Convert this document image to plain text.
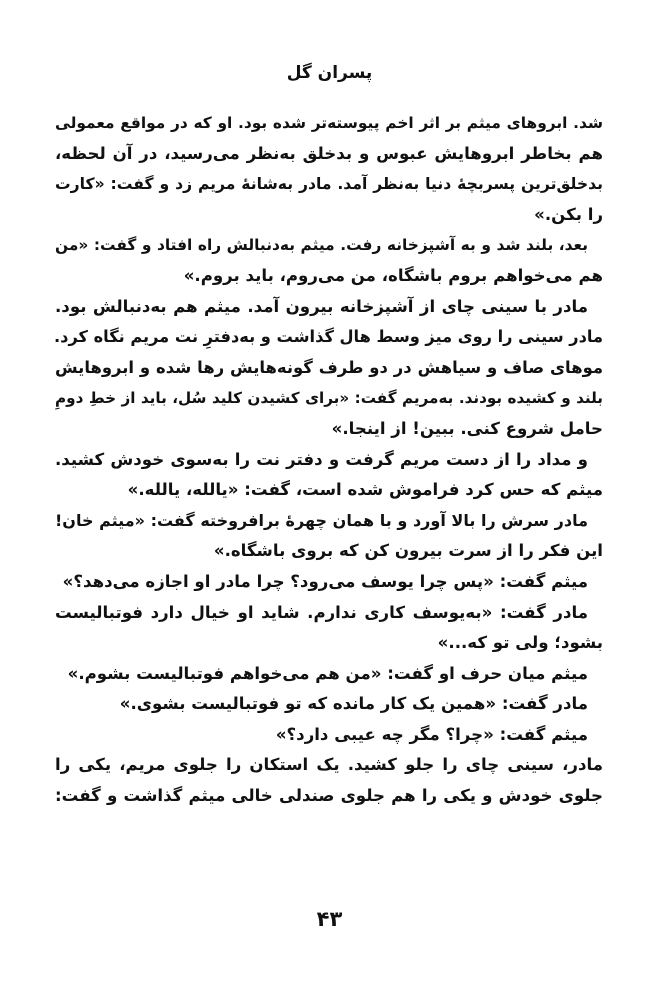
پسران گل
شد. ابروهای میثم بر اثر اخم پیوسته‌تر شده بود. او که در مواقع معمولی
هم بخاطر ابروهایش عبوس و بدخلق به‌نظر می‌رسید، در آن لحظه،
بدخلق‌ترین پسربچهٔ دنیا به‌نظر آمد. مادر به‌شانهٔ مریم زد و گفت: «کارت
را بکن.»
بعد، بلند شد و به آشپزخانه رفت. میثم به‌دنبالش راه افتاد و گفت: «من
هم می‌خواهم بروم باشگاه، من می‌روم، باید بروم.»
مادر با سینی چای از آشپزخانه بیرون آمد. میثم هم به‌دنبالش بود.
مادر سینی را روی میز وسط هال گذاشت و به‌دفترِ نت مریم نگاه کرد.
موهای صاف و سیاهش در دو طرف گونه‌هایش رها شده و ابروهایش
بلند و کشیده بودند. به‌مریم گفت: «برای کشیدن کلید سُل، باید از خطِ دومِ
حامل شروع کنی. ببین! از اینجا.»
و مداد را از دست مریم گرفت و دفتر نت را به‌سوی خودش کشید.
میثم که حس کرد فراموش شده است، گفت: «یالله، یالله.»
مادر سرش را بالا آورد و با همان چهرهٔ برافروخته گفت: «میثم خان!
این فکر را از سرت بیرون کن که بروی باشگاه.»
میثم گفت: «پس چرا یوسف می‌رود؟ چرا مادر او اجازه می‌دهد؟»
مادر گفت: «به‌یوسف کاری ندارم. شاید او خیال دارد فوتبالیست
بشود؛ ولی تو که...»
میثم میان حرف او گفت: «من هم می‌خواهم فوتبالیست بشوم.»
مادر گفت: «همین یک کار مانده که تو فوتبالیست بشوی.»
میثم گفت: «چرا؟ مگر چه عیبی دارد؟»
مادر، سینی چای را جلو کشید. یک استکان را جلوی مریم، یکی را
جلوی خودش و یکی را هم جلوی صندلی خالی میثم گذاشت و گفت:
۴۳
